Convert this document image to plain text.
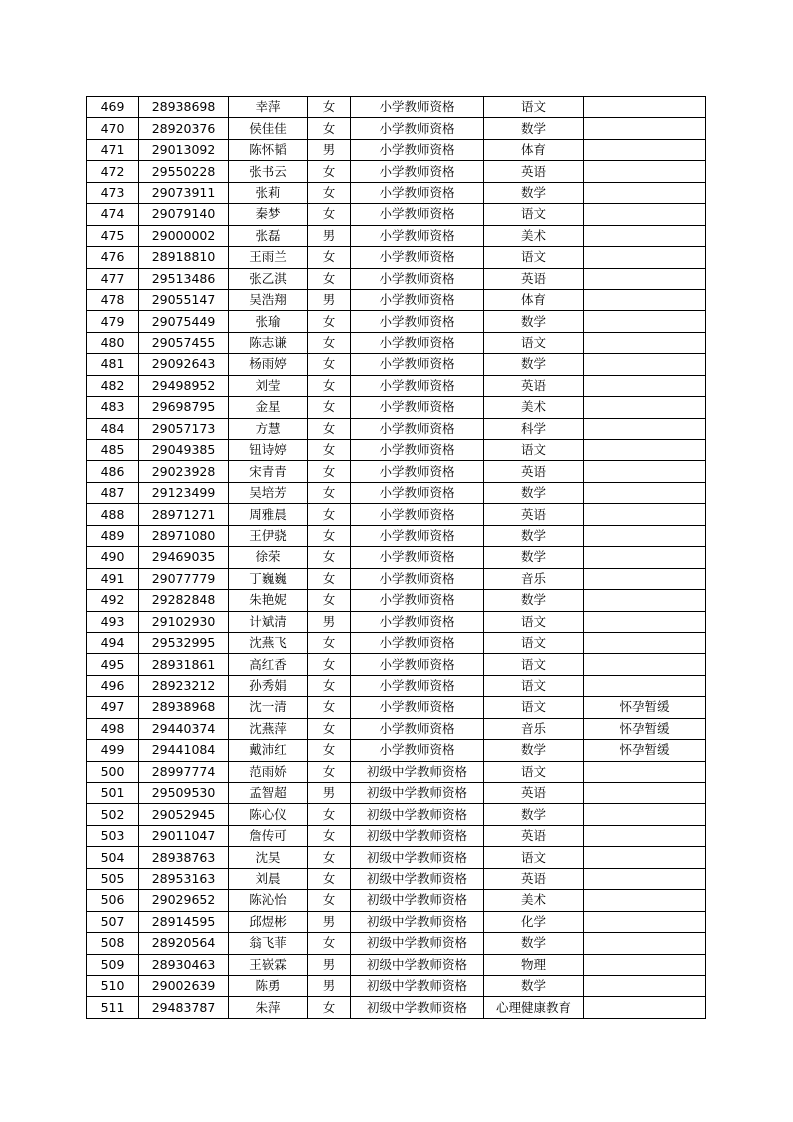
469	28938698	幸萍	女	小学教师资格	语文	
470	28920376	侯佳佳	女	小学教师资格	数学	
471	29013092	陈怀韬	男	小学教师资格	体育	
472	29550228	张书云	女	小学教师资格	英语	
473	29073911	张莉	女	小学教师资格	数学	
474	29079140	秦梦	女	小学教师资格	语文	
475	29000002	张磊	男	小学教师资格	美术	
476	28918810	王雨兰	女	小学教师资格	语文	
477	29513486	张乙淇	女	小学教师资格	英语	
478	29055147	吴浩翔	男	小学教师资格	体育	
479	29075449	张瑜	女	小学教师资格	数学	
480	29057455	陈志谦	女	小学教师资格	语文	
481	29092643	杨雨婷	女	小学教师资格	数学	
482	29498952	刘莹	女	小学教师资格	英语	
483	29698795	金星	女	小学教师资格	美术	
484	29057173	方慧	女	小学教师资格	科学	
485	29049385	钮诗婷	女	小学教师资格	语文	
486	29023928	宋青青	女	小学教师资格	英语	
487	29123499	吴培芳	女	小学教师资格	数学	
488	28971271	周雅晨	女	小学教师资格	英语	
489	28971080	王伊骁	女	小学教师资格	数学	
490	29469035	徐荣	女	小学教师资格	数学	
491	29077779	丁巍巍	女	小学教师资格	音乐	
492	29282848	朱艳妮	女	小学教师资格	数学	
493	29102930	计斌清	男	小学教师资格	语文	
494	29532995	沈燕飞	女	小学教师资格	语文	
495	28931861	高红香	女	小学教师资格	语文	
496	28923212	孙秀娟	女	小学教师资格	语文	
497	28938968	沈一清	女	小学教师资格	语文	怀孕暂缓
498	29440374	沈燕萍	女	小学教师资格	音乐	怀孕暂缓
499	29441084	戴沛红	女	小学教师资格	数学	怀孕暂缓
500	28997774	范雨娇	女	初级中学教师资格	语文	
501	29509530	孟智超	男	初级中学教师资格	英语	
502	29052945	陈心仪	女	初级中学教师资格	数学	
503	29011047	詹传可	女	初级中学教师资格	英语	
504	28938763	沈昊	女	初级中学教师资格	语文	
505	28953163	刘晨	女	初级中学教师资格	英语	
506	29029652	陈沁怡	女	初级中学教师资格	美术	
507	28914595	邱煜彬	男	初级中学教师资格	化学	
508	28920564	翁飞菲	女	初级中学教师资格	数学	
509	28930463	王嵚霖	男	初级中学教师资格	物理	
510	29002639	陈勇	男	初级中学教师资格	数学	
511	29483787	朱萍	女	初级中学教师资格	心理健康教育	
